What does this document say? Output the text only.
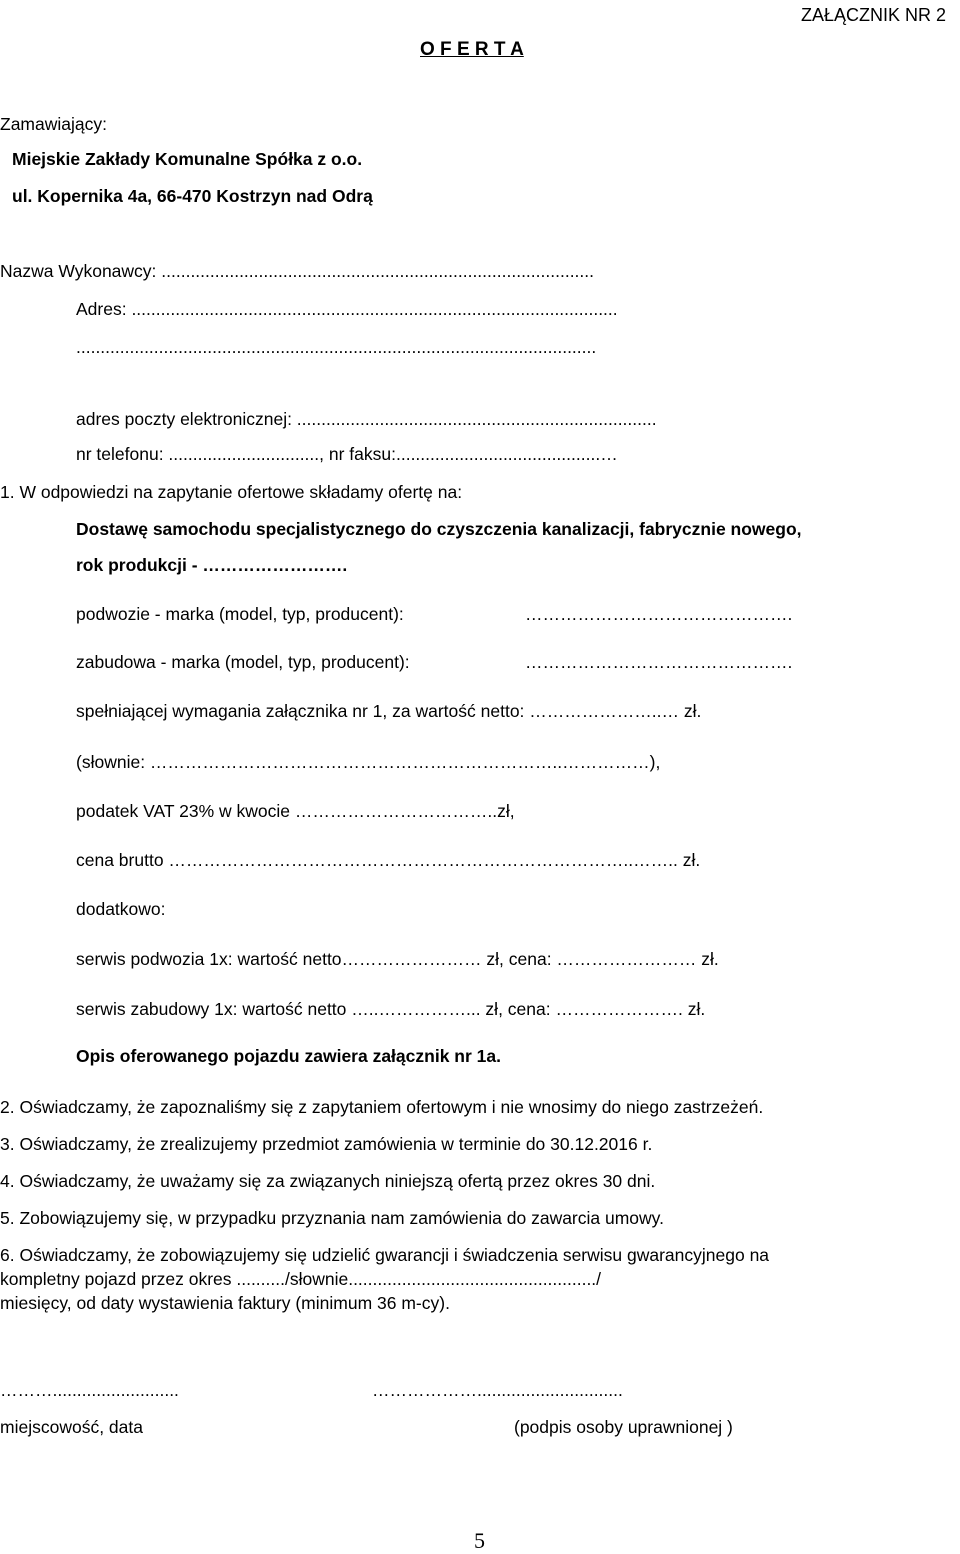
ZAŁĄCZNIK NR 2
O F E R T A
Zamawiający:
Miejskie Zakłady Komunalne Spółka z o.o.
ul. Kopernika 4a, 66-470 Kostrzyn nad Odrą
Nazwa Wykonawcy: .........................................................................................
Adres: ....................................................................................................
...........................................................................................................
adres poczty elektronicznej: ..........................................................................
nr telefonu: ..............................., nr faksu:..........................................…
1. W odpowiedzi na zapytanie ofertowe składamy ofertę na:
Dostawę samochodu specjalistycznego do czyszczenia kanalizacji, fabrycznie nowego,
rok produkcji - …………………….
podwozie - marka (model, typ, producent):	……………………………………….
zabudowa - marka (model, typ, producent):	……………………………………….
spełniającej wymagania załącznika nr 1, za wartość netto: …………………..… zł.
(słownie: ……………………………………………………………..……………),
podatek VAT 23% w kwocie ……………………………..zł,
cena brutto ……………………………………………………………………..…….. zł.
dodatkowo:
serwis podwozia 1x: wartość netto…………………… zł, cena: …………………… zł.
serwis zabudowy 1x: wartość netto …..……………... zł, cena: …………………. zł.
Opis oferowanego pojazdu zawiera załącznik nr 1a.
2. Oświadczamy, że zapoznaliśmy się z zapytaniem ofertowym i nie wnosimy do niego zastrzeżeń.
3. Oświadczamy, że zrealizujemy przedmiot zamówienia w terminie do 30.12.2016 r.
4. Oświadczamy, że uważamy się za związanych niniejszą ofertą przez okres 30 dni.
5. Zobowiązujemy się, w przypadku przyznania nam zamówienia do zawarcia umowy.
6. Oświadczamy, że zobowiązujemy się udzielić gwarancji i świadczenia serwisu gwarancyjnego na
kompletny pojazd przez okres ........../słownie.................................................../
miesięcy, od daty wystawienia faktury (minimum 36 m-cy).
………..........................	………………..............................
miejscowość, data	(podpis osoby uprawnionej )
5
